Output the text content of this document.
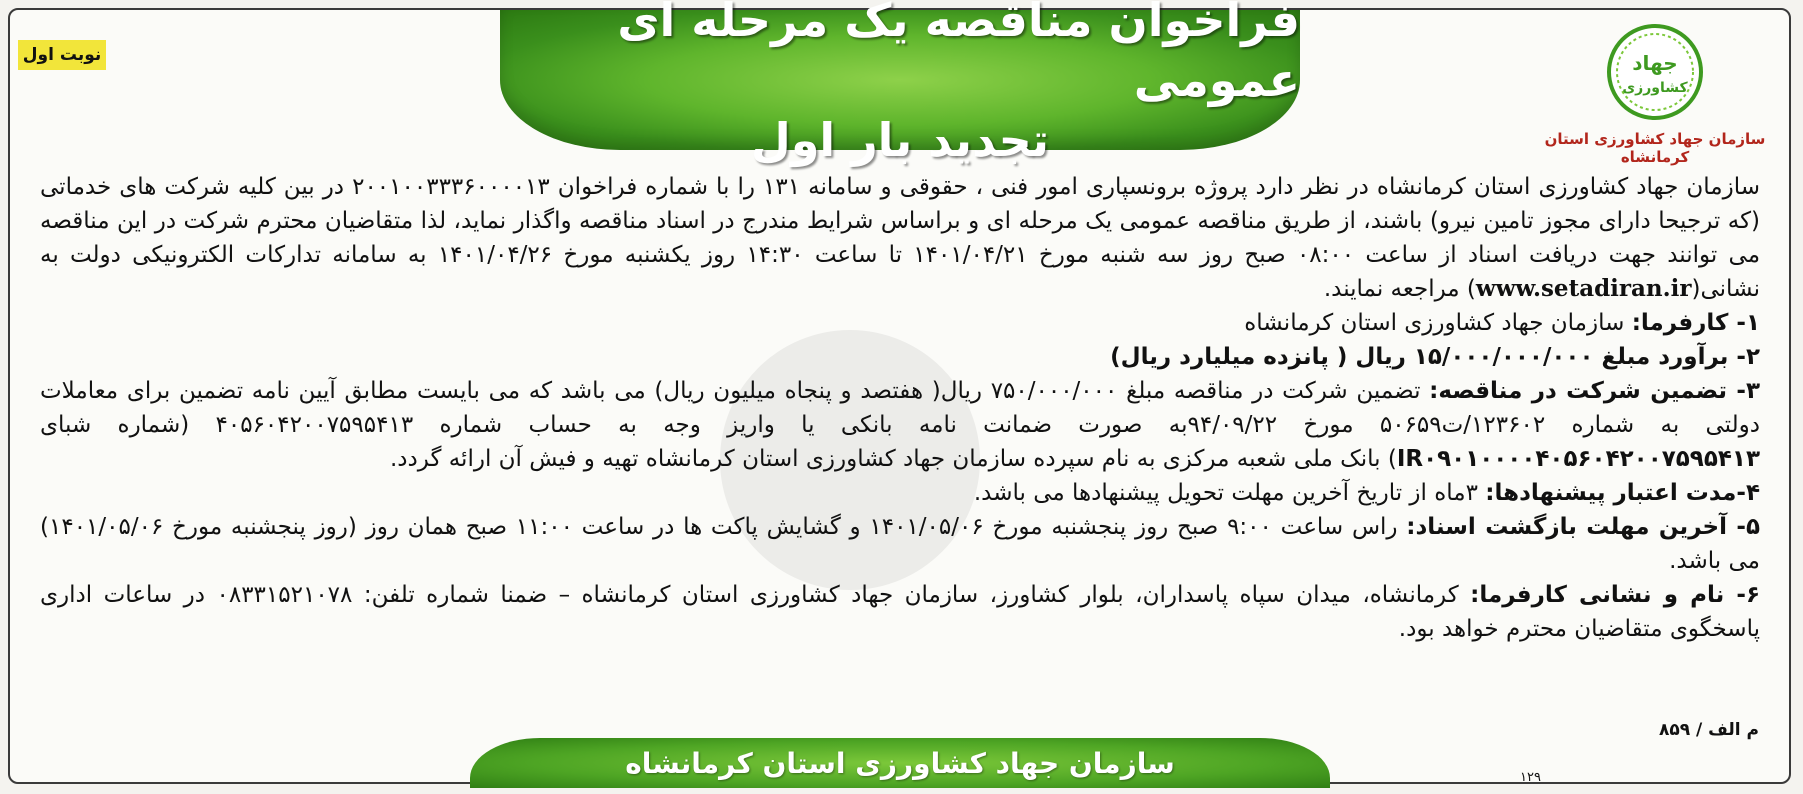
نوبت اول
فراخوان مناقصه یک مرحله ای عمومی
تجدید بار اول
جهاد
کشاورزی
سازمان جهاد کشاورزی استان کرمانشاه

سازمان جهاد کشاورزی استان کرمانشاه در نظر دارد پروژه برونسپاری امور فنی ، حقوقی و سامانه ۱۳۱ را با شماره فراخوان ۲۰۰۱۰۰۳۳۳۶۰۰۰۰۱۳ در بین کلیه شرکت های خدماتی (که ترجیحا دارای مجوز تامین نیرو) باشند، از طریق مناقصه عمومی یک مرحله ای و براساس شرایط مندرج در اسناد مناقصه واگذار نماید، لذا متقاضیان محترم شرکت در این مناقصه می توانند جهت دریافت اسناد از ساعت ۰۸:۰۰ صبح روز سه شنبه مورخ ۱۴۰۱/۰۴/۲۱ تا ساعت ۱۴:۳۰ روز یکشنبه مورخ ۱۴۰۱/۰۴/۲۶ به سامانه تدارکات الکترونیکی دولت به نشانی(www.setadiran.ir) مراجعه نمایند.

۱- کارفرما: سازمان جهاد کشاورزی استان کرمانشاه

۲- برآورد مبلغ ۱۵/۰۰۰/۰۰۰/۰۰۰ ریال ( پانزده میلیارد ریال)

۳- تضمین شرکت در مناقصه: تضمین شرکت در مناقصه مبلغ ۷۵۰/۰۰۰/۰۰۰ ریال( هفتصد و پنجاه میلیون ریال) می باشد که می بایست مطابق آیین نامه تضمین برای معاملات دولتی به شماره ۱۲۳۶۰۲/ت۵۰۶۵۹ مورخ ۹۴/۰۹/۲۲به صورت ضمانت نامه بانکی یا واریز وجه به حساب شماره ۴۰۵۶۰۴۲۰۰۷۵۹۵۴۱۳ (شماره شبای IR۰۹۰۱۰۰۰۰۴۰۵۶۰۴۲۰۰۷۵۹۵۴۱۳) بانک ملی شعبه مرکزی به نام سپرده سازمان جهاد کشاورزی استان کرمانشاه تهیه و فیش آن ارائه گردد.

۴-مدت اعتبار پیشنهادها: ۳ماه از تاریخ آخرین مهلت تحویل پیشنهادها می باشد.

۵- آخرین مهلت بازگشت اسناد: راس ساعت ۹:۰۰ صبح روز پنجشنبه مورخ ۱۴۰۱/۰۵/۰۶ و گشایش پاکت ها در ساعت ۱۱:۰۰ صبح همان روز (روز پنجشنبه مورخ ۱۴۰۱/۰۵/۰۶) می باشد.

۶- نام و نشانی کارفرما: کرمانشاه، میدان سپاه پاسداران، بلوار کشاورز، سازمان جهاد کشاورزی استان کرمانشاه – ضمنا شماره تلفن: ۰۸۳۳۱۵۲۱۰۷۸ در ساعات اداری پاسخگوی متقاضیان محترم خواهد بود.

م الف / ۸۵۹
سازمان جهاد کشاورزی استان کرمانشاه	۱۲۹
